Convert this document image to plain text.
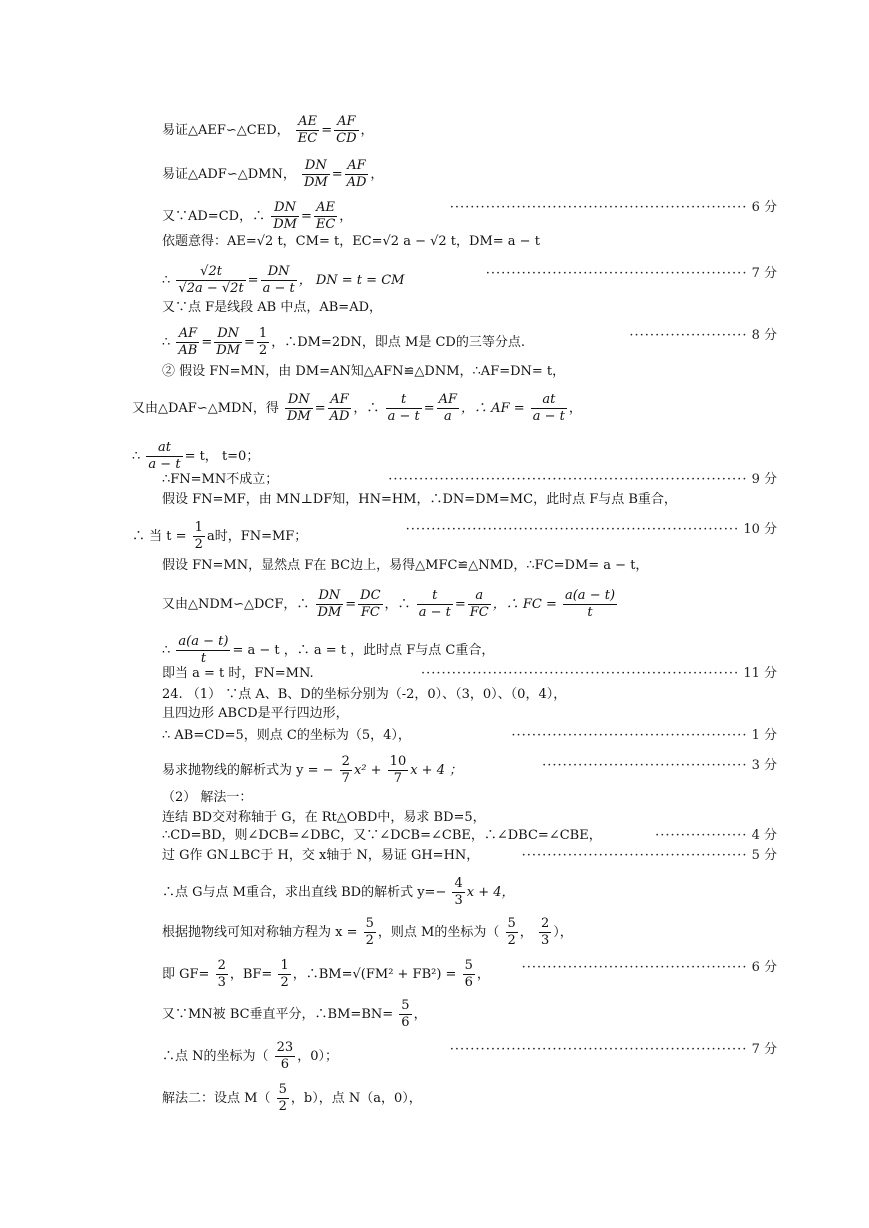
易证△AEF∽△CED， $\frac{AE}{EC} = \frac{AF}{CD}$ ，
易证△ADF∽△DMN， $\frac{DN}{DM} = \frac{AF}{AD}$ ，
又∵AD=CD，∴ $\frac{DN}{DM} = \frac{AE}{EC}$ ，
·························································· 6 分
依题意得：AE=√2 t，CM= t，EC=√2 a − √2 t，DM= a − t
∴ $\frac{√2t}{√2a - √2t} = \frac{DN}{a - t}$ ， DN = t = CM	··················································· 7 分
又∵点 F是线段 AB 中点，AB=AD，
∴ $\frac{AF}{AB} = \frac{DN}{DM} = \frac{1}{2}$ ，∴DM=2DN，即点 M是 CD的三等分点.	······················· 8 分
② 假设 FN=MN，由 DM=AN知△AFN≌△DNM，∴AF=DN= t，
又由△DAF∽△MDN，得 $\frac{DN}{DM} = \frac{AF}{AD}$ ，∴ $\frac{t}{a - t} = \frac{AF}{a}$ ，∴ AF = $\frac{at}{a - t}$ ，
∴ $\frac{at}{a - t} = t$， t=0；
∴FN=MN不成立；	······································································ 9 分
假设 FN=MF，由 MN⊥DF知，HN=HM，∴DN=DM=MC，此时点 F与点 B重合，
∴ 当 $t = \frac{1}{2}$ a时，FN=MF；	································································· 10 分
假设 FN=MN，显然点 F在 BC边上，易得△MFC≌△NMD，∴FC=DM= a − t，
又由△NDM∽△DCF，∴ $\frac{DN}{DM} = \frac{DC}{FC}$ ，∴ $\frac{t}{a - t} = \frac{a}{FC}$ ，∴ FC = $\frac{a(a - t)}{t}$
∴ $\frac{a(a - t)}{t} = a - t$ ，∴ a = t ，此时点 F与点 C重合，
即当 a = t 时，FN=MN.	······························································ 11 分
24. （1） ∵点 A、B、D的坐标分别为（-2，0）、（3，0）、（0，4），
且四边形 ABCD是平行四边形，
∴ AB=CD=5，则点 C的坐标为（5，4），	·············································· 1 分
易求抛物线的解析式为 y = − $\frac{2}{7} x^2 + \frac{10}{7}$ x + 4 ；	········································ 3 分
（2） 解法一：
连结 BD交对称轴于 G，在 Rt△OBD中，易求 BD=5，
∴CD=BD，则∠DCB=∠DBC，又∵∠DCB=∠CBE，∴∠DBC=∠CBE，	·················· 4 分
过 G作 GN⊥BC于 H，交 x轴于 N，易证 GH=HN，	············································ 5 分
∴点 G与点 M重合，求出直线 BD的解析式 $y=- \frac{4}{3}$ x + 4，
根据抛物线可知对称轴方程为 $x = \frac{5}{2}$ ，则点 M的坐标为（ $\frac{5}{2}$ ， $\frac{2}{3}$ ），
即 $GF= \frac{2}{3}$ ，$BF= \frac{1}{2}$ ，∴BM=√(FM² + $FB^2) = \frac{5}{6}$ ，	············································ 6 分
又∵MN被 BC垂直平分，∴BM=BN= $\frac{5}{6}$ ，
∴点 N的坐标为（ $\frac{23}{6}$ ，0）；	·························································· 7 分
解法二：设点 $M( \frac{5}{2}$ ，b），点 N（a，0），
